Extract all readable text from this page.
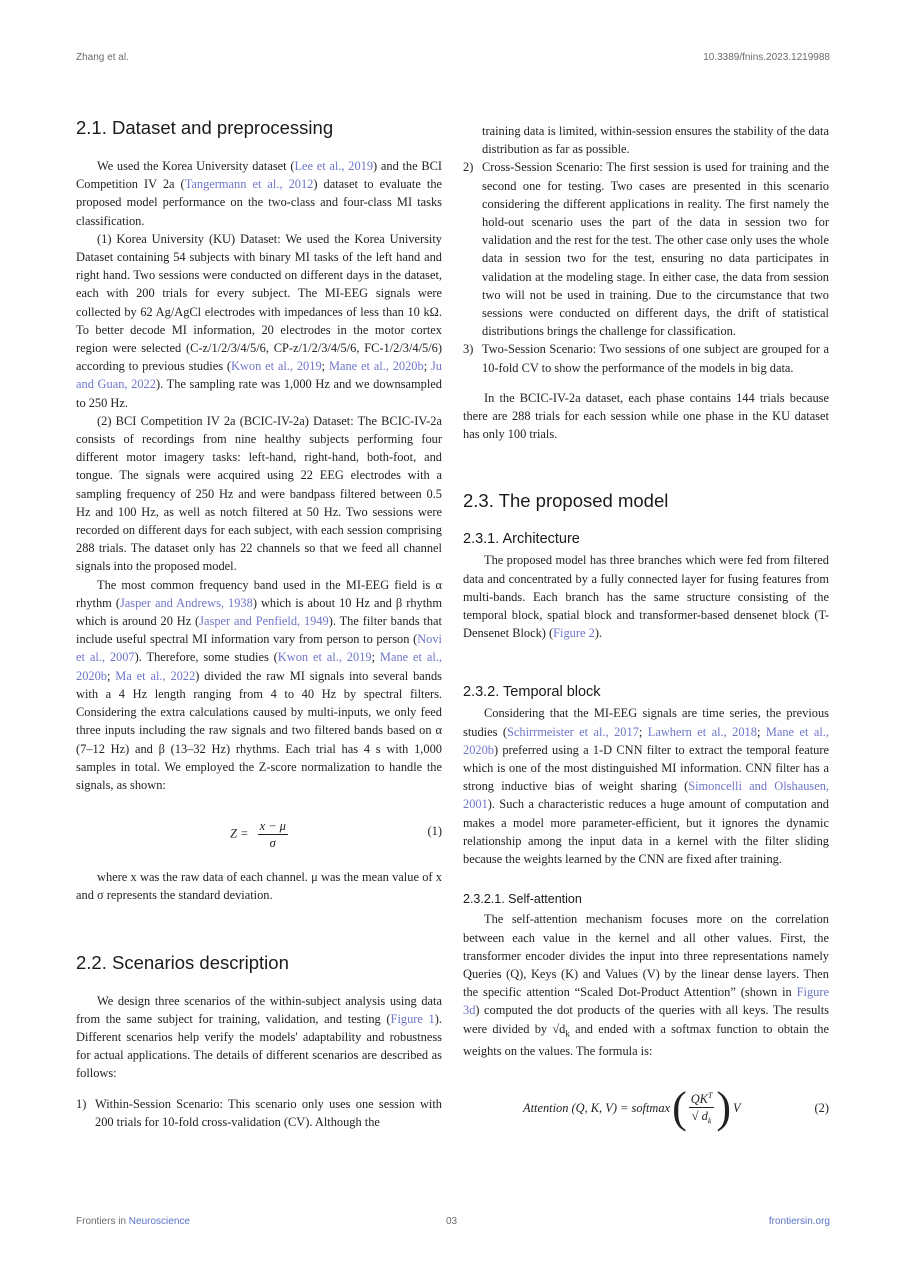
Zhang et al.	10.3389/fnins.2023.1219988
2.1. Dataset and preprocessing

We used the Korea University dataset (Lee et al., 2019) and the BCI Competition IV 2a (Tangermann et al., 2012) dataset to evaluate the proposed model performance on the two-class and four-class MI tasks classification.

(1) Korea University (KU) Dataset: We used the Korea University Dataset containing 54 subjects with binary MI tasks of the left hand and right hand. Two sessions were conducted on different days in the dataset, each with 200 trials for every subject. The MI-EEG signals were collected by 62 Ag/AgCl electrodes with impedances of less than 10 kΩ. To better decode MI information, 20 electrodes in the motor cortex region were selected (C-z/1/2/3/4/5/6, CP-z/1/2/3/4/5/6, FC-1/2/3/4/5/6) according to previous studies (Kwon et al., 2019; Mane et al., 2020b; Ju and Guan, 2022). The sampling rate was 1,000 Hz and we downsampled to 250 Hz.

(2) BCI Competition IV 2a (BCIC-IV-2a) Dataset: The BCIC-IV-2a consists of recordings from nine healthy subjects performing four different motor imagery tasks: left-hand, right-hand, both-foot, and tongue. The signals were acquired using 22 EEG electrodes with a sampling frequency of 250 Hz and were bandpass filtered between 0.5 Hz and 100 Hz, as well as notch filtered at 50 Hz. Two sessions were recorded on different days for each subject, with each session comprising 288 trials. The dataset only has 22 channels so that we feed all channel signals into the proposed model.

The most common frequency band used in the MI-EEG field is α rhythm (Jasper and Andrews, 1938) which is about 10 Hz and β rhythm which is around 20 Hz (Jasper and Penfield, 1949). The filter bands that include useful spectral MI information vary from person to person (Novi et al., 2007). Therefore, some studies (Kwon et al., 2019; Mane et al., 2020b; Ma et al., 2022) divided the raw MI signals into several bands with a 4 Hz length ranging from 4 to 40 Hz by spectral filters. Considering the extra calculations caused by multi-inputs, we only feed three inputs including the raw signals and two filtered bands based on α (7–12 Hz) and β (13–32 Hz) rhythms. Each trial has 4 s with 1,000 samples in total. We employed the Z-score normalization to handle the signals, as shown:

$Z = \frac{x - \mu}{\sigma}$	(1)

where x was the raw data of each channel. μ was the mean value of x and σ represents the standard deviation.

2.2. Scenarios description

We design three scenarios of the within-subject analysis using data from the same subject for training, validation, and testing (Figure 1). Different scenarios help verify the models' adaptability and robustness for actual applications. The details of different scenarios are described as follows:

1) Within-Session Scenario: This scenario only uses one session with 200 trials for 10-fold cross-validation (CV). Although the
training data is limited, within-session ensures the stability of the data distribution as far as possible.
2) Cross-Session Scenario: The first session is used for training and the second one for testing. Two cases are presented in this scenario considering the different applications in reality. The first namely the hold-out scenario uses the part of the data in session two for validation and the rest for the test. The other case only uses the whole data in session two for the test, ensuring no data participates in validation at the modeling stage. In either case, the data from session two will not be used in training. Due to the circumstance that two sessions were conducted on different days, the drift of statistical distributions brings the challenge for classification.
3) Two-Session Scenario: Two sessions of one subject are grouped for a 10-fold CV to show the performance of the models in big data.

In the BCIC-IV-2a dataset, each phase contains 144 trials because there are 288 trials for each session while one phase in the KU dataset has only 100 trials.

2.3. The proposed model
2.3.1. Architecture

The proposed model has three branches which were fed from filtered data and concentrated by a fully connected layer for fusing features from multi-bands. Each branch has the same structure consisting of the temporal block, spatial block and transformer-based densenet block (T-Densenet Block) (Figure 2).

2.3.2. Temporal block

Considering that the MI-EEG signals are time series, the previous studies (Schirrmeister et al., 2017; Lawhern et al., 2018; Mane et al., 2020b) preferred using a 1-D CNN filter to extract the temporal feature which is one of the most distinguished MI information. CNN filter has a strong inductive bias of weight sharing (Simoncelli and Olshausen, 2001). Such a characteristic reduces a huge amount of computation and makes a model more parameter-efficient, but it ignores the dynamic relationship among the input data in a kernel with the filter sliding because the weights learned by the CNN are fixed after training.

2.3.2.1. Self-attention

The self-attention mechanism focuses more on the correlation between each value in the kernel and all other values. First, the transformer encoder divides the input into three representations namely Queries (Q), Keys (K) and Values (V) by the linear dense layers. Then the specific attention “Scaled Dot-Product Attention” (shown in Figure 3d) computed the dot products of the queries with all keys. The results were divided by $√d_k$ and ended with a softmax function to obtain the weights on the values. The formula is:

Attention (Q, K, V) = softmax ( $\frac{QK^T}{√ d_k}$ ) V	(2)
Frontiers in Neuroscience	03	frontiersin.org
